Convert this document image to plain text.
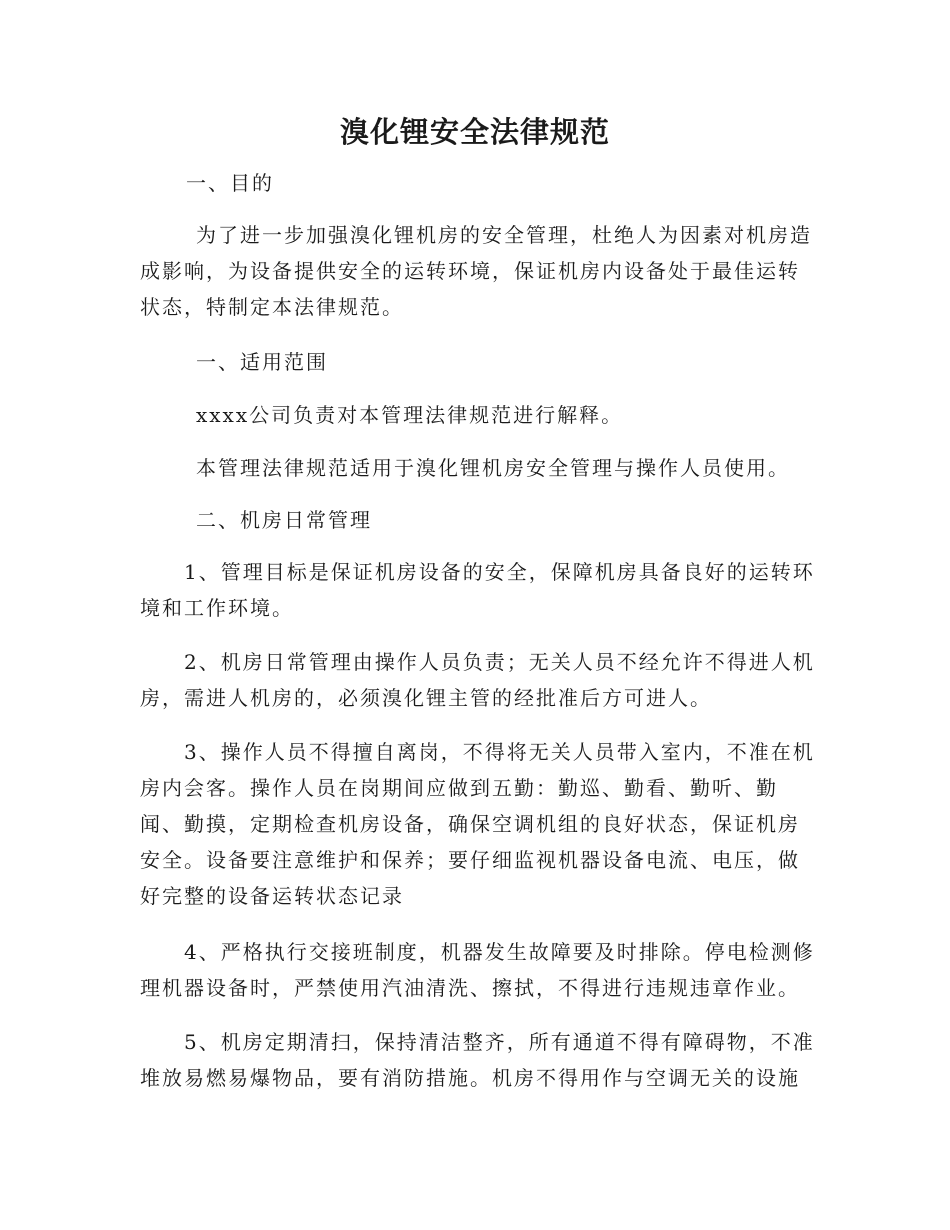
溴化锂安全法律规范

一、目的

为了进一步加强溴化锂机房的安全管理，杜绝人为因素对机房造
成影响，为设备提供安全的运转环境，保证机房内设备处于最佳运转
状态，特制定本法律规范。

一、适用范围

xxxx公司负责对本管理法律规范进行解释。

本管理法律规范适用于溴化锂机房安全管理与操作人员使用。

二、机房日常管理

1、管理目标是保证机房设备的安全，保障机房具备良好的运转环
境和工作环境。
2、机房日常管理由操作人员负责；无关人员不经允许不得进人机
房，需进人机房的，必须溴化锂主管的经批准后方可进人。
3、操作人员不得擅自离岗，不得将无关人员带入室内，不准在机
房内会客。操作人员在岗期间应做到五勤：勤巡、勤看、勤听、勤
闻、勤摸，定期检查机房设备，确保空调机组的良好状态，保证机房
安全。设备要注意维护和保养；要仔细监视机器设备电流、电压，做
好完整的设备运转状态记录
4、严格执行交接班制度，机器发生故障要及时排除。停电检测修
理机器设备时，严禁使用汽油清洗、擦拭，不得进行违规违章作业。
5、机房定期清扫，保持清洁整齐，所有通道不得有障碍物，不准
堆放易燃易爆物品，要有消防措施。机房不得用作与空调无关的设施
